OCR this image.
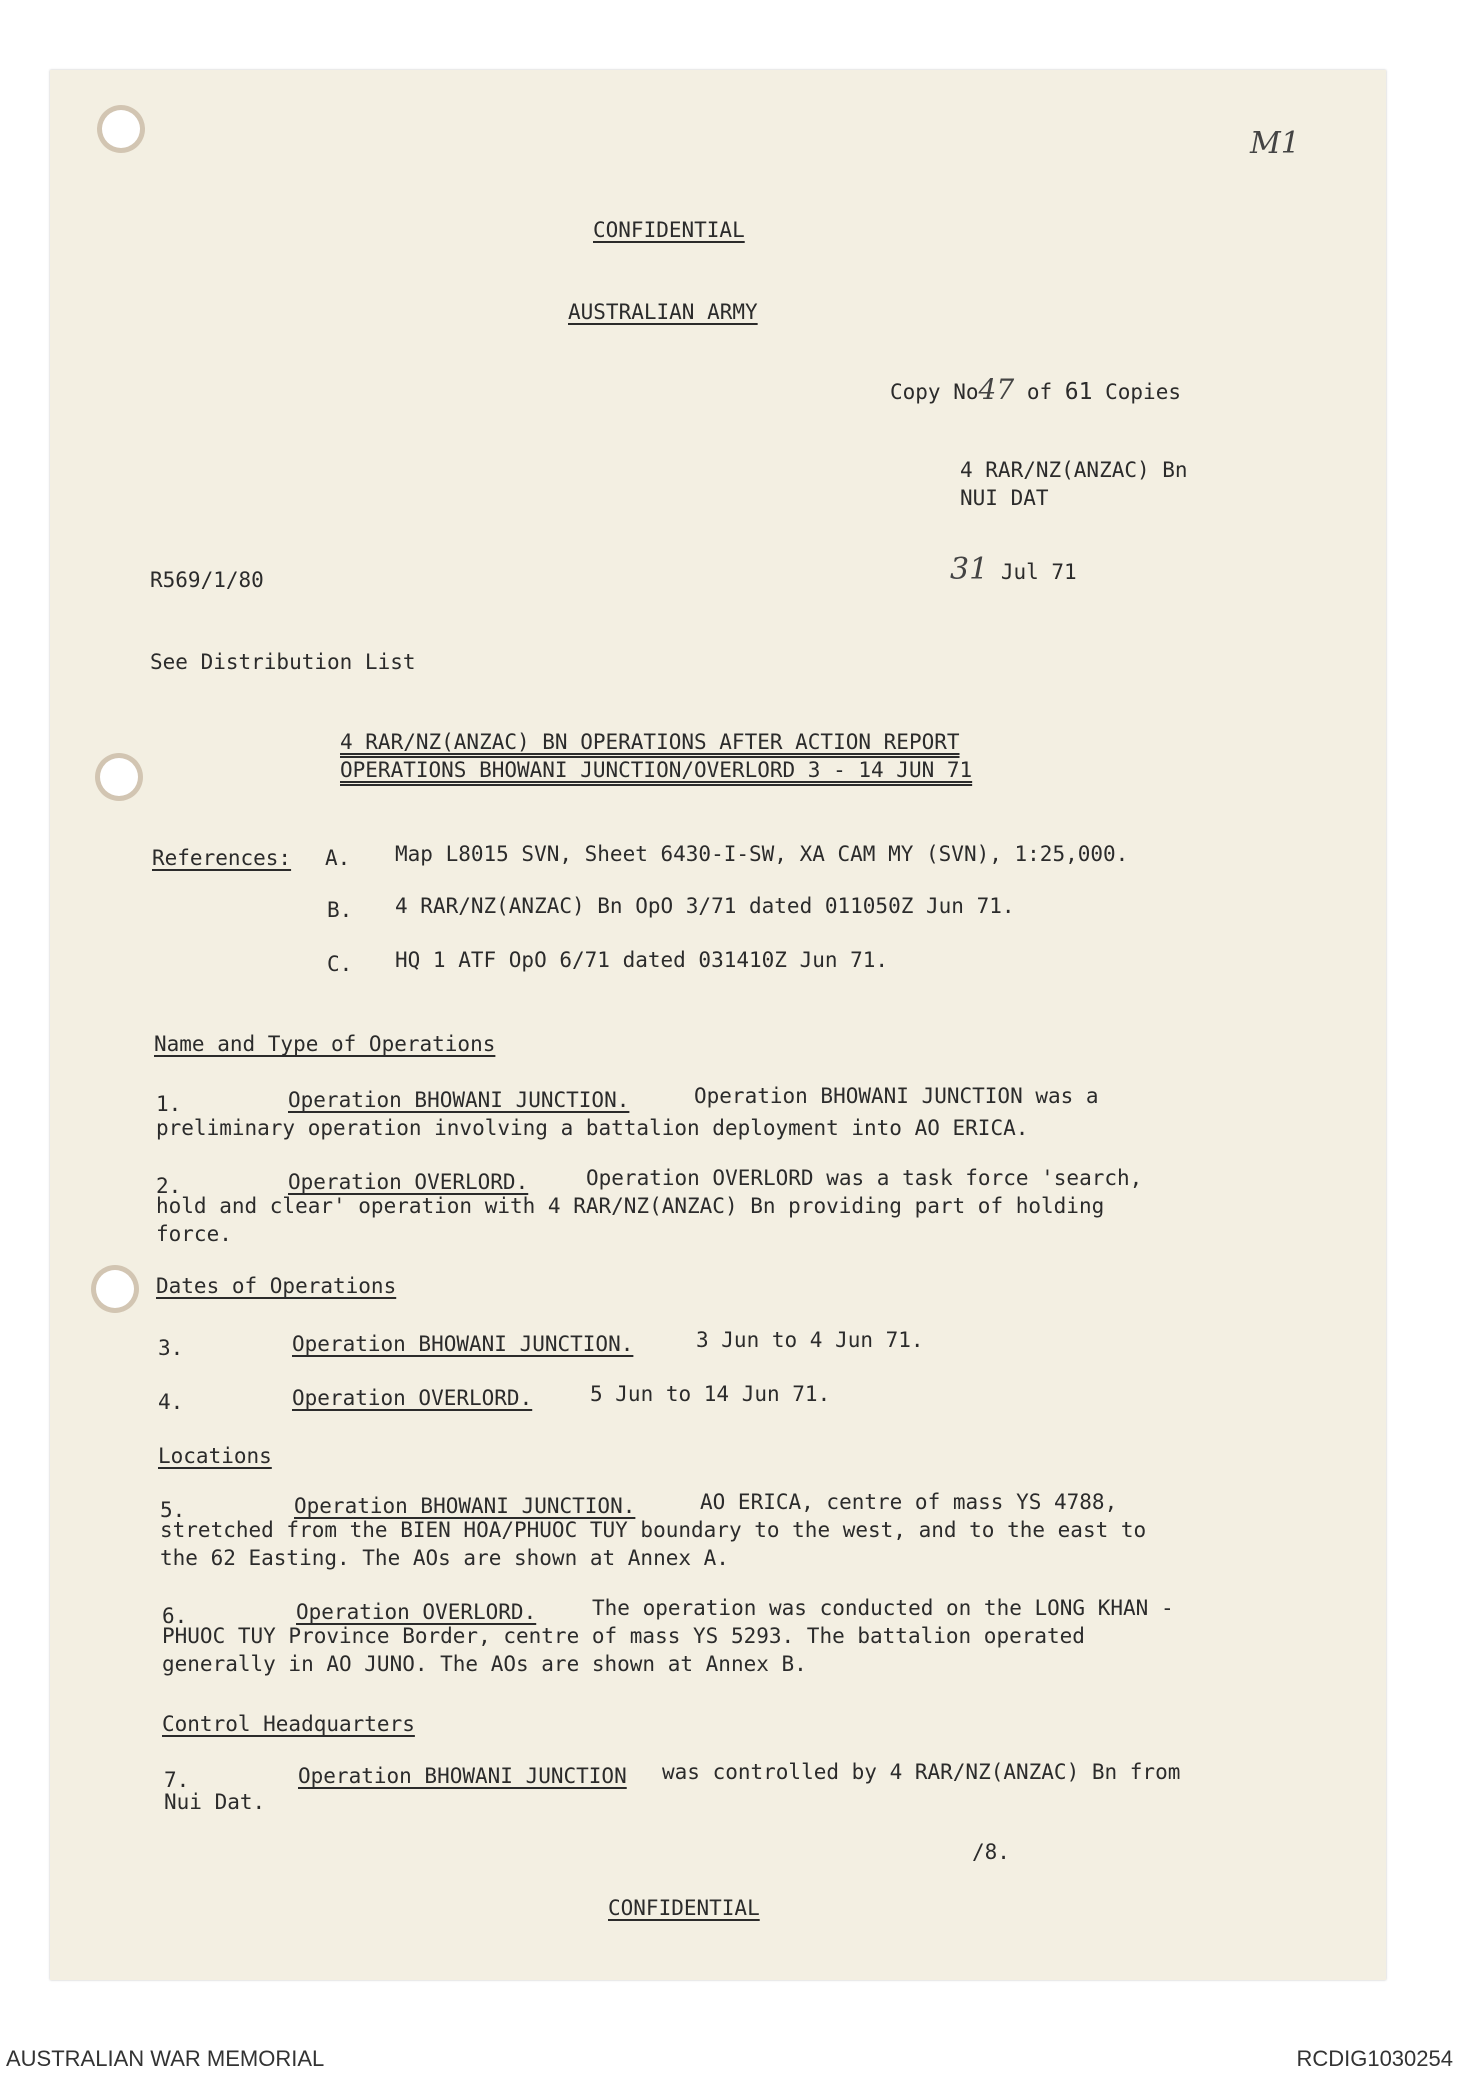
M1
CONFIDENTIAL
AUSTRALIAN ARMY
Copy No47 of 61 Copies
4 RAR/NZ(ANZAC) Bn
NUI DAT
31 Jul 71
R569/1/80
See Distribution List
4 RAR/NZ(ANZAC) BN OPERATIONS AFTER ACTION REPORT
OPERATIONS BHOWANI JUNCTION/OVERLORD 3 - 14 JUN 71
References: A. Map L8015 SVN, Sheet 6430-I-SW, XA CAM MY (SVN), 1:25,000.
B. 4 RAR/NZ(ANZAC) Bn OpO 3/71 dated 011050Z Jun 71.
C. HQ 1 ATF OpO 6/71 dated 031410Z Jun 71.
Name and Type of Operations
1.	Operation BHOWANI JUNCTION.	Operation BHOWANI JUNCTION was a
preliminary operation involving a battalion deployment into AO ERICA.
2.	Operation OVERLORD.	Operation OVERLORD was a task force 'search,
hold and clear' operation with 4 RAR/NZ(ANZAC) Bn providing part of holding
force.
Dates of Operations
3.	Operation BHOWANI JUNCTION.	3 Jun to 4 Jun 71.
4.	Operation OVERLORD.	5 Jun to 14 Jun 71.
Locations
5.	Operation BHOWANI JUNCTION.	AO ERICA, centre of mass YS 4788,
stretched from the BIEN HOA/PHUOC TUY boundary to the west, and to the east to
the 62 Easting. The AOs are shown at Annex A.
6.	Operation OVERLORD.	The operation was conducted on the LONG KHAN -
PHUOC TUY Province Border, centre of mass YS 5293. The battalion operated
generally in AO JUNO. The AOs are shown at Annex B.
Control Headquarters
7.	Operation BHOWANI JUNCTION was controlled by 4 RAR/NZ(ANZAC) Bn from
Nui Dat.
/8.
CONFIDENTIAL
AUSTRALIAN WAR MEMORIAL	RCDIG1030254
